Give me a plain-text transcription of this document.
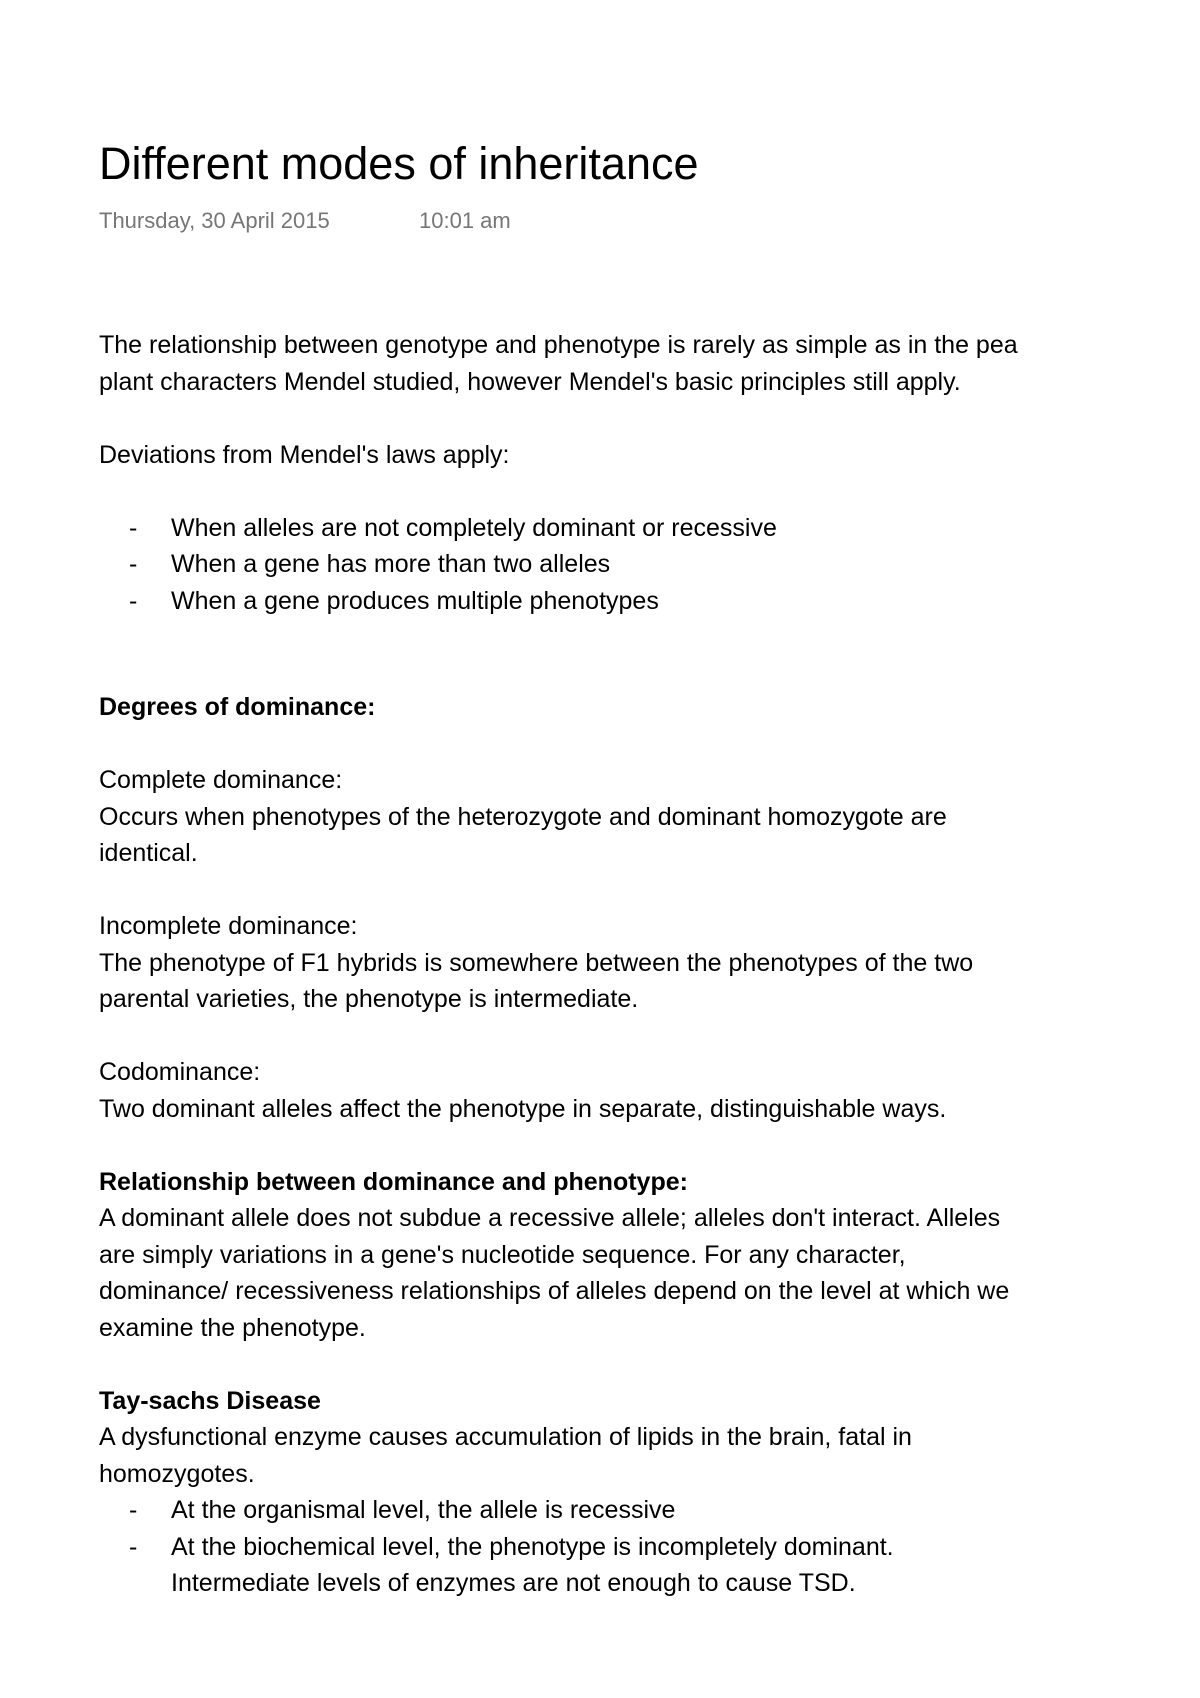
Different modes of inheritance
Thursday, 30 April 2015	10:01 am

The relationship between genotype and phenotype is rarely as simple as in the pea

plant characters Mendel studied, however Mendel's basic principles still apply.

Deviations from Mendel's laws apply:

- When alleles are not completely dominant or recessive
- When a gene has more than two alleles
- When a gene produces multiple phenotypes

Degrees of dominance:

Complete dominance:

Occurs when phenotypes of the heterozygote and dominant homozygote are

identical.

Incomplete dominance:

The phenotype of F1 hybrids is somewhere between the phenotypes of the two

parental varieties, the phenotype is intermediate.

Codominance:

Two dominant alleles affect the phenotype in separate, distinguishable ways.

Relationship between dominance and phenotype:

A dominant allele does not subdue a recessive allele; alleles don't interact. Alleles

are simply variations in a gene's nucleotide sequence. For any character,

dominance/ recessiveness relationships of alleles depend on the level at which we

examine the phenotype.

Tay-sachs Disease

A dysfunctional enzyme causes accumulation of lipids in the brain, fatal in

homozygotes.

- At the organismal level, the allele is recessive
- At the biochemical level, the phenotype is incompletely dominant.
Intermediate levels of enzymes are not enough to cause TSD.
